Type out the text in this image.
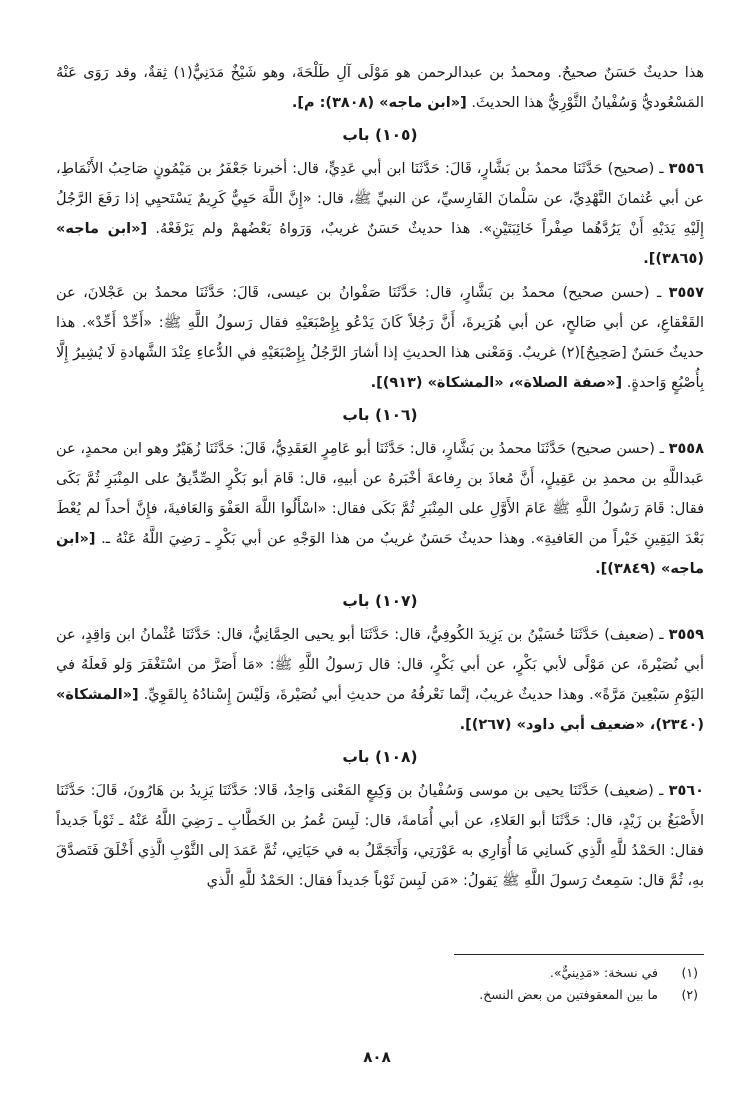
هذا حديثٌ حَسَنٌ صحيحٌ. ومحمدُ بن عبدالرحمن هو مَوْلَى آلِ طَلْحَةَ، وهو شَيْخٌ مَدَنِيٌّ(١) ثِقةٌ، وقد رَوَى عَنْهُ المَسْعُوديُّ وَسُفْيانُ الثَّوْرِيُّ هذا الحديثَ. [«ابن ماجه» (٣٨٠٨): م].

(١٠٥) باب

٣٥٥٦ ـ (صحيح) حَدَّثَنَا محمدُ بن بَشَّارٍ، قَالَ: حَدَّثَنَا ابن أبي عَدِيٍّ، قال: أخبرنا جَعْفَرُ بن مَيْمُونٍ صَاحِبُ الأَنْمَاطِ، عن أبي عُثمانَ النَّهْدِيِّ، عن سَلْمانَ الفَارِسيِّ، عن النبيِّ ﷺ، قال: «إِنَّ اللَّهَ حَيِيٌّ كَرِيمٌ يَسْتَحيِي إذا رَفَعَ الرَّجُلُ إِلَيْهِ يَدَيْهِ أَنْ يَرُدَّهُما صِفْراً خَائِبَتَيْنِ». هذا حديثٌ حَسَنٌ غريبٌ، وَرَواهُ بَعْضُهمْ ولم يَرْفَعْهُ. [«ابن ماجه» (٣٨٦٥)].

٣٥٥٧ ـ (حسن صحيح) محمدُ بن بَشَّارٍ، قال: حَدَّثَنَا صَفْوانُ بن عيسى، قَالَ: حَدَّثَنَا محمدُ بن عَجْلانَ، عن القَعْقاعِ، عن أبي صَالحٍ، عن أبي هُرَيرةَ، أَنَّ رَجُلاً كَانَ يَدْعُو بِإِصْبَعَيْهِ فقال رَسولُ اللَّهِ ﷺ: «أَحِّدْ أَحِّدْ». هذا حديثٌ حَسَنٌ [صَحِيحٌ](٢) غريبٌ. وَمَعْنى هذا الحديثِ إذا أشارَ الرَّجُلُ بِإِصْبَعَيْهِ في الدُّعاءِ عِنْدَ الشَّهادةِ لَا يُشِيرُ إِلَّا بِأُصْبُعٍ وَاحدةٍ. [«صفة الصلاة»، «المشكاة» (٩١٣)].

(١٠٦) باب

٣٥٥٨ ـ (حسن صحيح) حَدَّثَنَا محمدُ بن بَشَّارٍ، قال: حَدَّثَنَا أبو عَامِرٍ العَقَدِيُّ، قَالَ: حَدَّثَنَا زُهَيْرٌ وهو ابن محمدٍ، عن عَبداللَّهِ بن محمدِ بن عَقِيلٍ، أَنَّ مُعاذَ بن رِفاعةَ أخْبَرهُ عن أبيهِ، قال: قَامَ أبو بَكْرٍ الصِّدِّيقُ على المِنْبَرِ ثُمَّ بَكَى فقال: قَامَ رَسُولُ اللَّهِ ﷺ عَامَ الأَوَّلِ على المِنْبَرِ ثُمَّ بَكَى فقال: «اسْأَلُوا اللَّهَ العَفْوَ وَالعَافيةَ، فإِنَّ أحداً لم يُعْطَ بَعْدَ اليَقِينِ خَيْراً من العَافيةِ». وهذا حديثٌ حَسَنٌ غريبٌ من هذا الوَجْهِ عن أبي بَكْرٍ ـ رَضِيَ اللَّهُ عَنْهُ ـ. [«ابن ماجه» (٣٨٤٩)].

(١٠٧) باب

٣٥٥٩ ـ (ضعيف) حَدَّثَنَا حُسَيْنُ بن يَزِيدَ الكُوفِيُّ، قال: حَدَّثَنَا أبو يحيى الحِمَّانِيُّ، قال: حَدَّثَنَا عُثْمانُ ابن وَاقِدٍ، عن أبي نُصَيْرةَ، عن مَوْلًى لأبي بَكْرٍ، عن أبي بَكْرٍ، قال: قال رَسولُ اللَّهِ ﷺ: «مَا أَصَرَّ من اسْتَغْفَرَ وَلو فَعلَهُ في اليَوْمِ سَبْعِينَ مَرَّةً». وهذا حديثٌ غريبٌ، إنَّما نَعْرفُهُ من حديثِ أبي نُصَيْرةَ، وَلَيْسَ إِسْنادُهُ بِالقَوِيِّ. [«المشكاة» (٢٣٤٠)، «ضعيف أبي داود» (٢٦٧)].

(١٠٨) باب

٣٥٦٠ ـ (ضعيف) حَدَّثَنَا يحيى بن موسى وَسُفْيانُ بن وَكِيعٍ المَعْنى وَاحِدٌ، قَالا: حَدَّثَنَا يَزِيدُ بن هَارُونَ، قَالَ: حَدَّثَنَا الأَصْبَغُ بن زَيْدٍ، قال: حَدَّثَنَا أبو العَلاءِ، عن أبي أُمَامةَ، قال: لَبِسَ عُمرُ بن الخَطَّابِ ـ رَضِيَ اللَّهُ عَنْهُ ـ ثَوْباً جَديداً فقال: الحَمْدُ للَّهِ الَّذِي كَسانِي مَا أُوَارِي به عَوْرَتِي، وَأَتَجَمَّلُ به في حَيَاتِي، ثُمَّ عَمَدَ إلى الثَّوْبِ الَّذِي أَخْلَقَ فَتَصدَّقَ بهِ، ثُمَّ قال: سَمِعتُ رَسولَ اللَّهِ ﷺ يَقولُ: «مَن لَبِسَ ثَوْباً جَديداً فقال: الحَمْدُ للَّهِ الَّذي

(١)
في نسخة: «مَدِينيٌّ».
(٢)
ما بين المعقوفتين من بعض النسخ.
٨٠٨
